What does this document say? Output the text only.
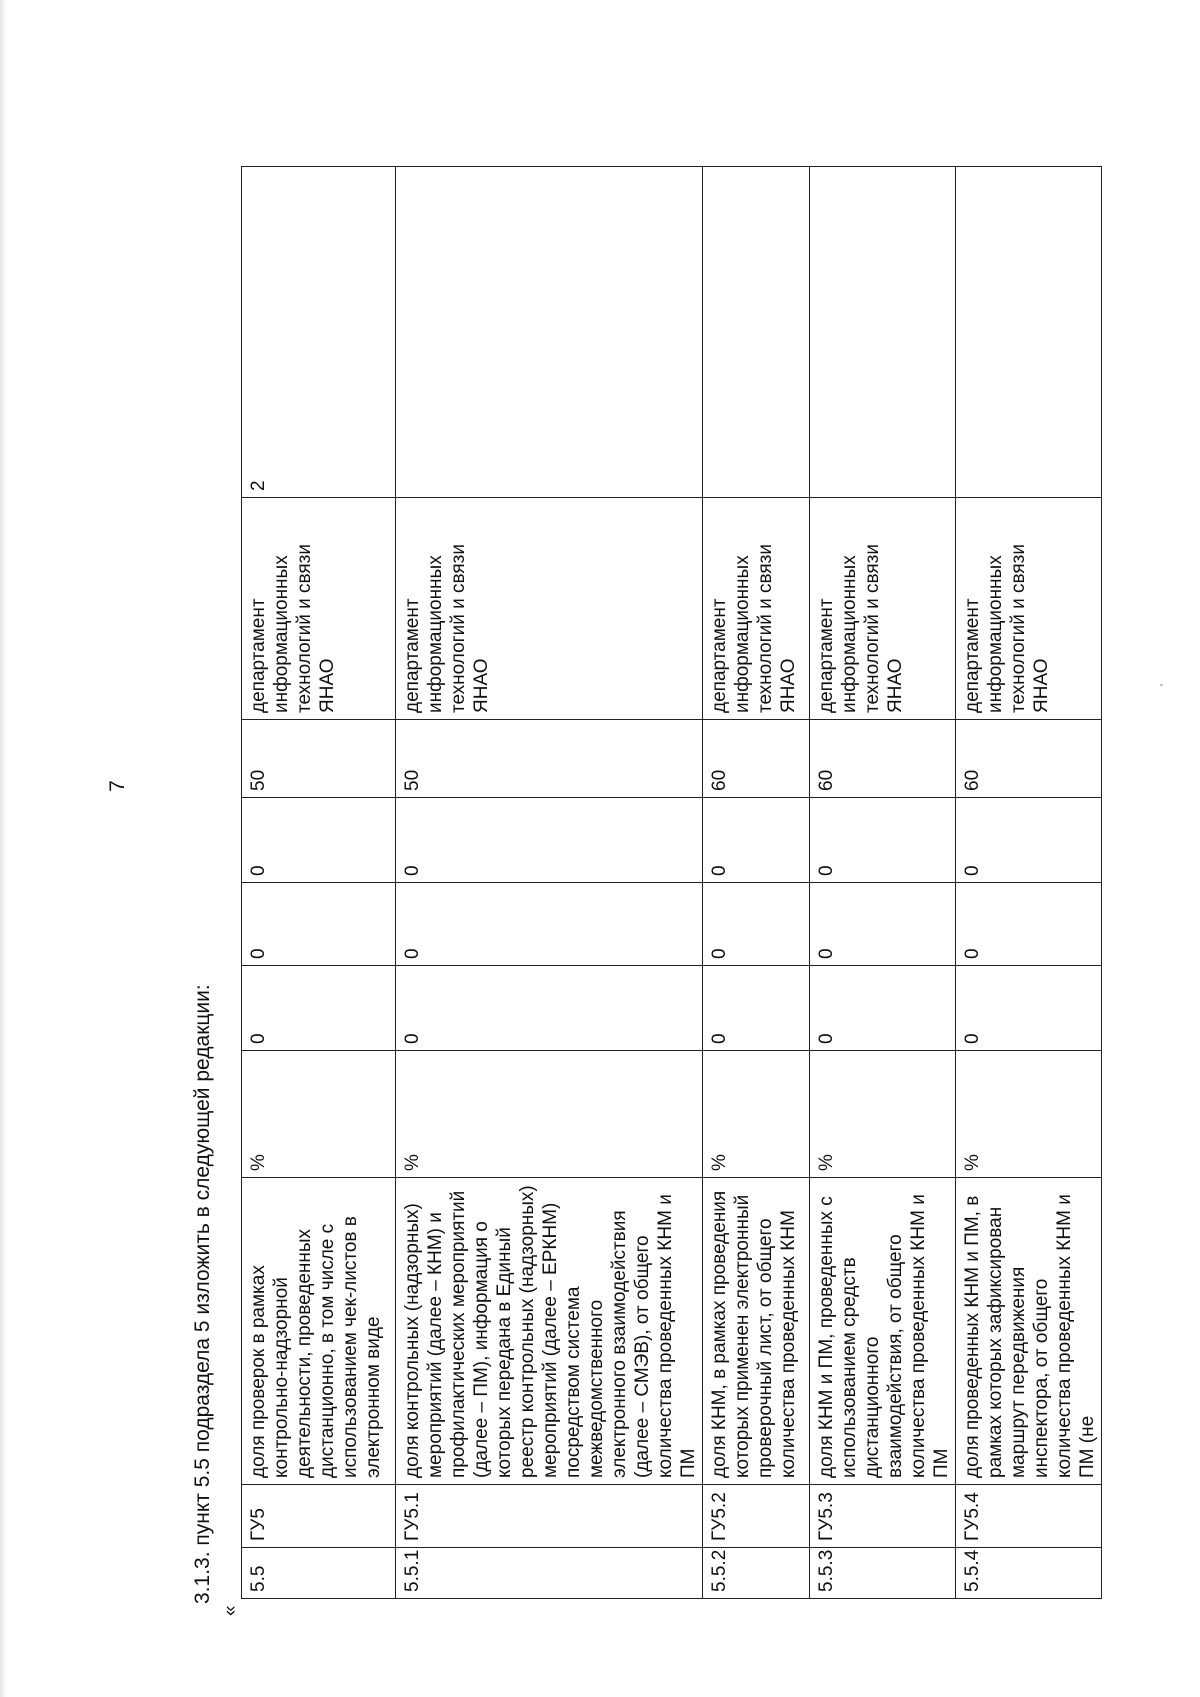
7
3.1.3. пункт 5.5 подраздела 5 изложить в следующей редакции:
«
5.5	ГУ5	доля проверок в рамках контрольно-надзорной деятельности, проведенных дистанционно, в том числе с использованием чек-листов в электронном виде	%	0	0	0	50	департамент информационных технологий и связи ЯНАО	2
5.5.1	ГУ5.1	доля контрольных (надзорных) мероприятий (далее – КНМ) и профилактических мероприятий (далее – ПМ), информация о которых передана в Единый реестр контрольных (надзорных) мероприятий (далее – ЕРКНМ) посредством система межведомственного электронного взаимодействия (далее – СМЭВ), от общего количества проведенных КНМ и ПМ	%	0	0	0	50	департамент информационных технологий и связи ЯНАО	
5.5.2	ГУ5.2	доля КНМ, в рамках проведения которых применен электронный проверочный лист, от общего количества проведенных КНМ	%	0	0	0	60	департамент информационных технологий и связи ЯНАО	
5.5.3	ГУ5.3	доля КНМ и ПМ, проведенных с использованием средств дистанционного взаимодействия, от общего количества проведенных КНМ и ПМ	%	0	0	0	60	департамент информационных технологий и связи ЯНАО	
5.5.4	ГУ5.4	доля проведенных КНМ и ПМ, в рамках которых зафиксирован маршрут передвижения инспектора, от общего количества проведенных КНМ и ПМ (не	%	0	0	0	60	департамент информационных технологий и связи ЯНАО	
